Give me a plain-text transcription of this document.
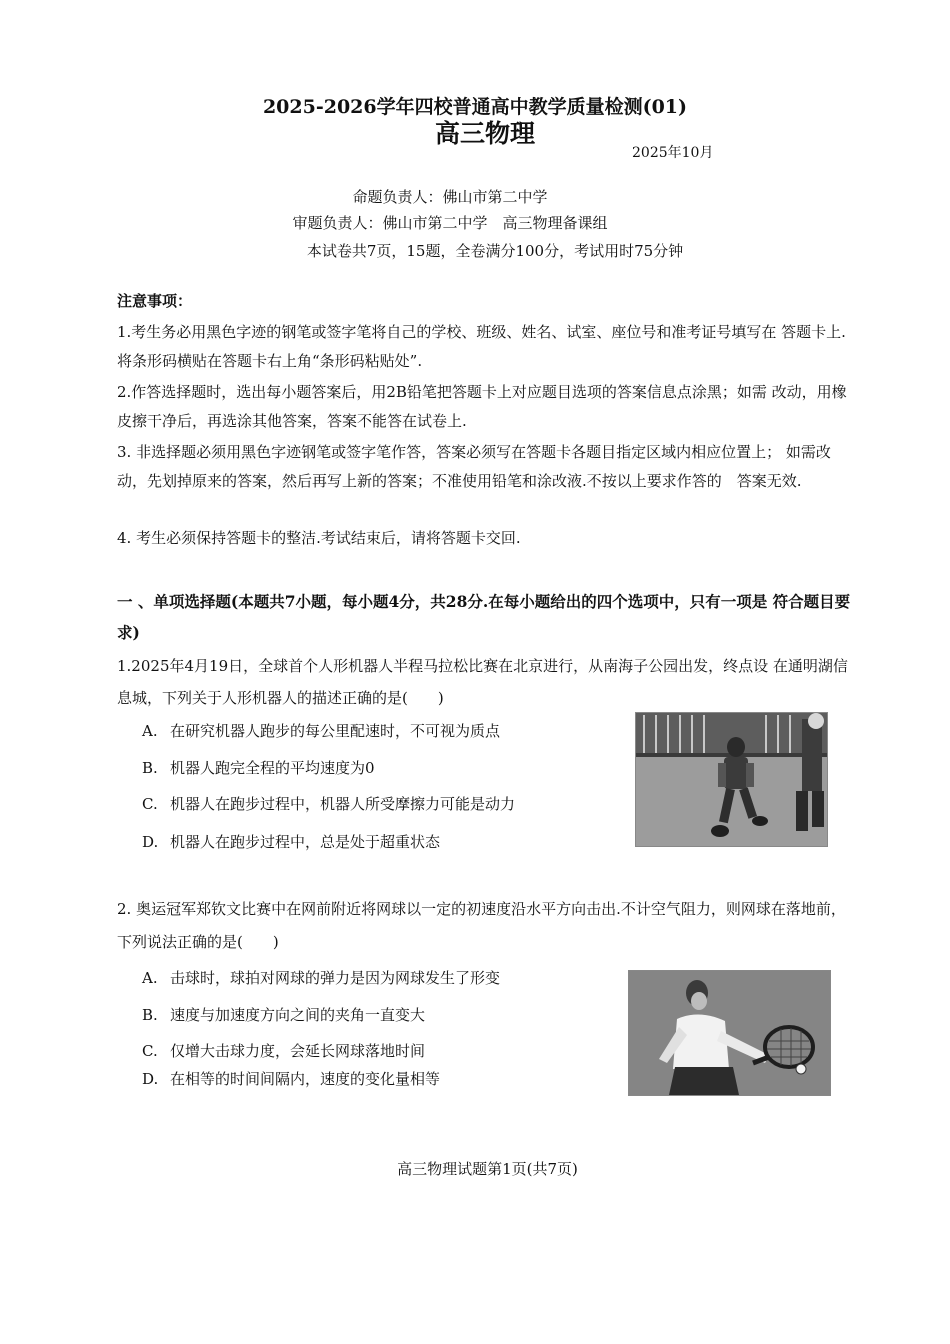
2025-2026学年四校普通高中教学质量检测(01)
高三物理
2025年10月
命题负责人：佛山市第二中学
审题负责人：佛山市第二中学　高三物理备课组
本试卷共7页，15题，全卷满分100分，考试用时75分钟
注意事项：
1.考生务必用黑色字迹的钢笔或签字笔将自己的学校、班级、姓名、试室、座位号和准考证号填写在 答题卡上.将条形码横贴在答题卡右上角“条形码粘贴处”.
2.作答选择题时，选出每小题答案后，用2B铅笔把答题卡上对应题目选项的答案信息点涂黑；如需 改动，用橡皮擦干净后，再选涂其他答案，答案不能答在试卷上.
3. 非选择题必须用黑色字迹钢笔或签字笔作答，答案必须写在答题卡各题目指定区域内相应位置上； 如需改动，先划掉原来的答案，然后再写上新的答案；不准使用铅笔和涂改液.不按以上要求作答的　答案无效.
4. 考生必须保持答题卡的整洁.考试结束后，请将答题卡交回.
一 、单项选择题(本题共7小题，每小题4分，共28分.在每小题给出的四个选项中，只有一项是 符合题目要求)
1.2025年4月19日，全球首个人形机器人半程马拉松比赛在北京进行，从南海子公园出发，终点设 在通明湖信息城，下列关于人形机器人的描述正确的是(　　)
A. 在研究机器人跑步的每公里配速时，不可视为质点
B. 机器人跑完全程的平均速度为0
C. 机器人在跑步过程中，机器人所受摩擦力可能是动力
D. 机器人在跑步过程中，总是处于超重状态
2. 奥运冠军郑钦文比赛中在网前附近将网球以一定的初速度沿水平方向击出.不计空气阻力，则网球在落地前，下列说法正确的是(　　)
A. 击球时，球拍对网球的弹力是因为网球发生了形变
B. 速度与加速度方向之间的夹角一直变大
C. 仅增大击球力度，会延长网球落地时间
D. 在相等的时间间隔内，速度的变化量相等
高三物理试题第1页(共7页)
